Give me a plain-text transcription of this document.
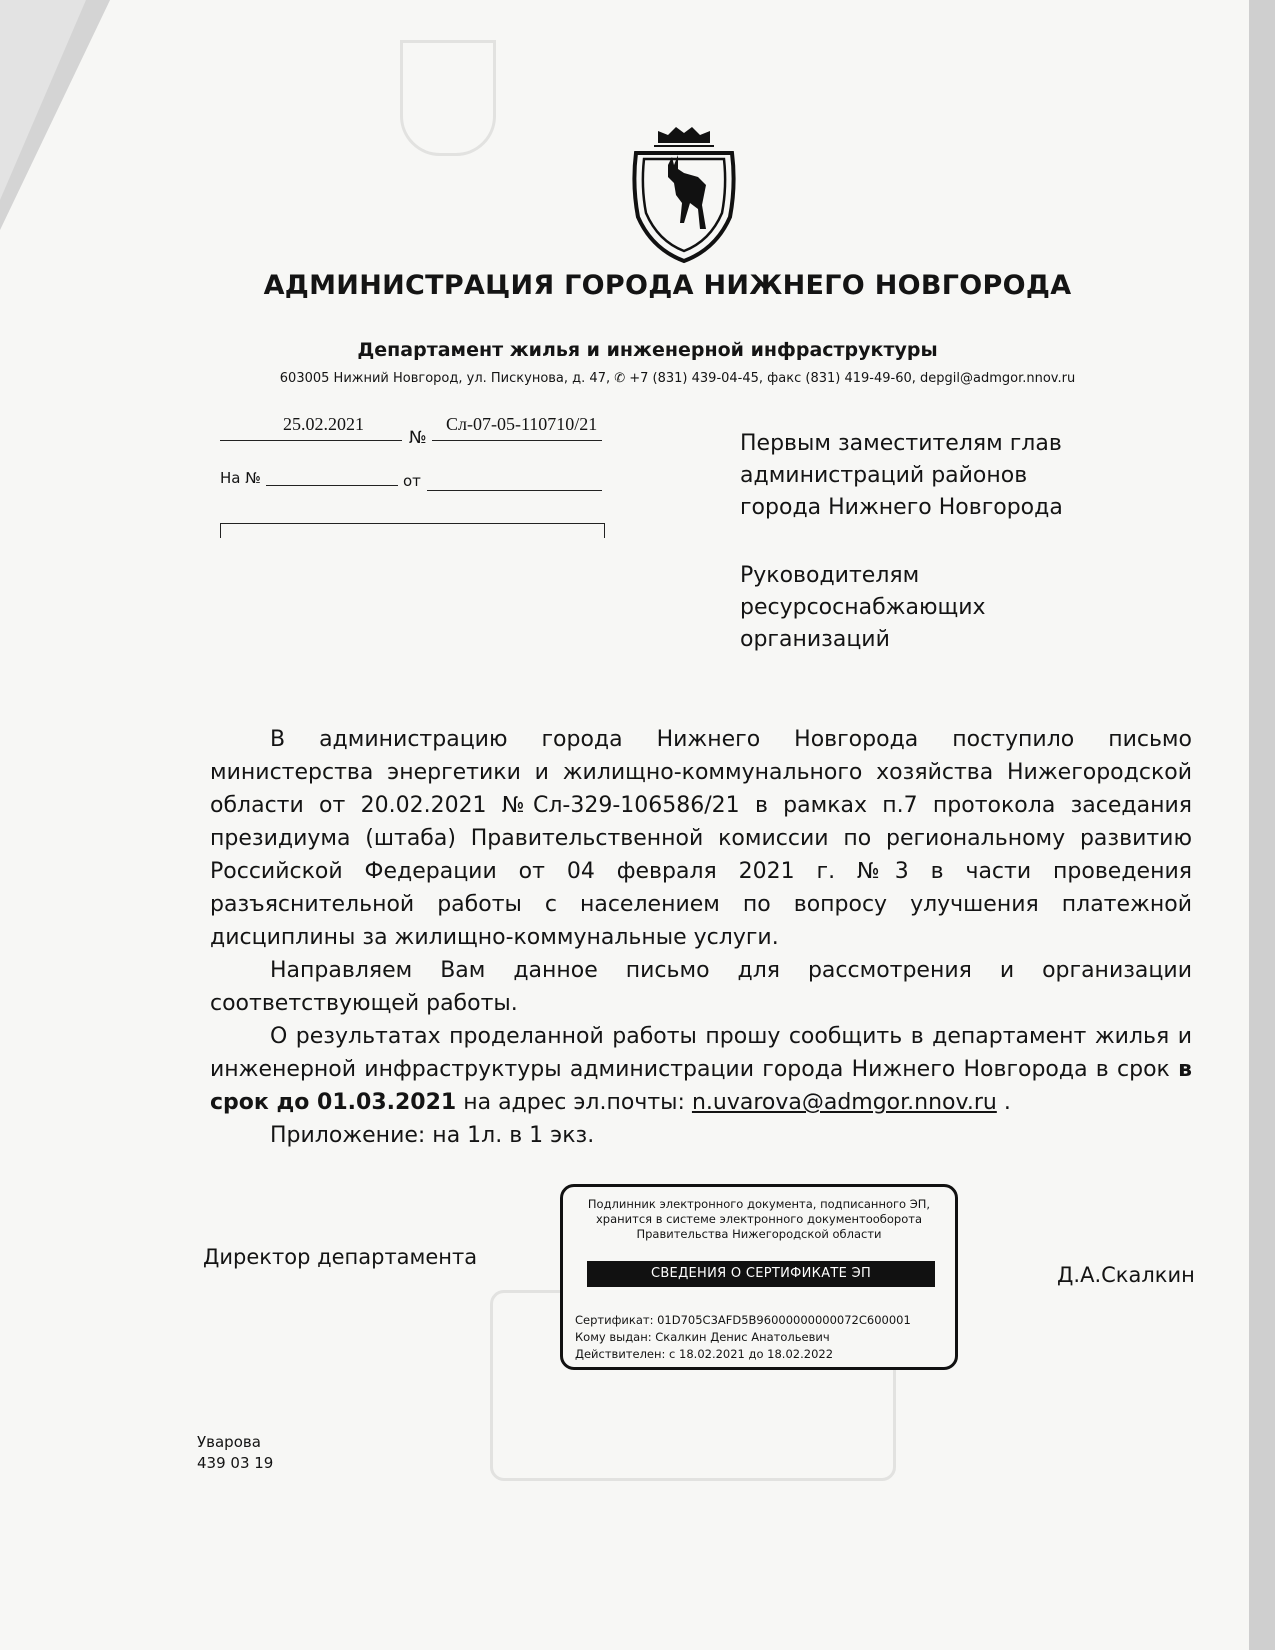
АДМИНИСТРАЦИЯ ГОРОДА НИЖНЕГО НОВГОРОДА
Департамент жилья и инженерной инфраструктуры
603005 Нижний Новгород, ул. Пискунова, д. 47, ✆ +7 (831) 439-04-45, факс (831) 419-49-60, depgil@admgor.nnov.ru
25.02.2021
№
Сл-07-05-110710/21
На №	от
Первым заместителям глав
администраций районов
города Нижнего Новгорода
Руководителям
ресурсоснабжающих
организаций

В администрацию города Нижнего Новгорода поступило письмо министерства энергетики и жилищно-коммунального хозяйства Нижегородской области от 20.02.2021 №Сл-329-106586/21 в рамках п.7 протокола заседания президиума (штаба) Правительственной комиссии по региональному развитию Российской Федерации от 04 февраля 2021 г. №3 в части проведения разъяснительной работы с населением по вопросу улучшения платежной дисциплины за жилищно-коммунальные услуги.

Направляем Вам данное письмо для рассмотрения и организации соответствующей работы.

О результатах проделанной работы прошу сообщить в департамент жилья и инженерной инфраструктуры администрации города Нижнего Новгорода в срок в срок до 01.03.2021 на адрес эл.почты: n.uvarova@admgor.nnov.ru .

Приложение: на 1л. в 1 экз.

Директор департамента
Д.А.Скалкин
Подлинник электронного документа, подписанного ЭП,
хранится в системе электронного документооборота
Правительства Нижегородской области
СВЕДЕНИЯ О СЕРТИФИКАТЕ ЭП
Сертификат: 01D705C3AFD5B96000000000072C600001
Кому выдан: Скалкин Денис Анатольевич
Действителен: с 18.02.2021 до 18.02.2022
Уварова
439 03 19
